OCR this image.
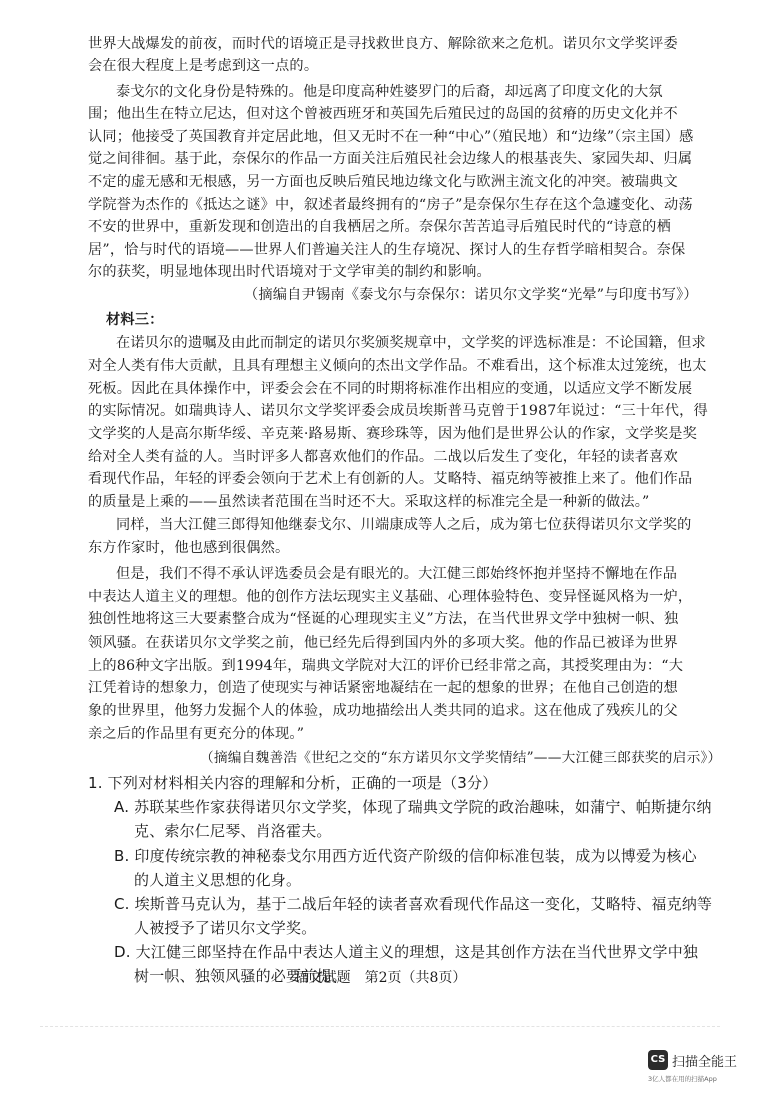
世界大战爆发的前夜，而时代的语境正是寻找救世良方、解除欲来之危机。诺贝尔文学奖评委
会在很大程度上是考虑到这一点的。
泰戈尔的文化身份是特殊的。他是印度高种姓婆罗门的后裔，却远离了印度文化的大氛
围；他出生在特立尼达，但对这个曾被西班牙和英国先后殖民过的岛国的贫瘠的历史文化并不
认同；他接受了英国教育并定居此地，但又无时不在一种“中心”（殖民地）和“边缘”（宗主国）感
觉之间徘徊。基于此，奈保尔的作品一方面关注后殖民社会边缘人的根基丧失、家园失却、归属
不定的虚无感和无根感，另一方面也反映后殖民地边缘文化与欧洲主流文化的冲突。被瑞典文
学院誉为杰作的《抵达之谜》中，叙述者最终拥有的“房子”是奈保尔生存在这个急遽变化、动荡
不安的世界中，重新发现和创造出的自我栖居之所。奈保尔苦苦追寻后殖民时代的“诗意的栖
居”，恰与时代的语境——世界人们普遍关注人的生存境况、探讨人的生存哲学暗相契合。奈保
尔的获奖，明显地体现出时代语境对于文学审美的制约和影响。
（摘编自尹锡南《泰戈尔与奈保尔：诺贝尔文学奖“光晕”与印度书写》）
材料三：
在诺贝尔的遗嘱及由此而制定的诺贝尔奖颁奖规章中，文学奖的评选标准是：不论国籍，但求
对全人类有伟大贡献，且具有理想主义倾向的杰出文学作品。不难看出，这个标准太过笼统，也太
死板。因此在具体操作中，评委会会在不同的时期将标准作出相应的变通，以适应文学不断发展
的实际情况。如瑞典诗人、诺贝尔文学奖评委会成员埃斯普马克曾于1987年说过：“三十年代，得
文学奖的人是高尔斯华绥、辛克莱·路易斯、赛珍珠等，因为他们是世界公认的作家，文学奖是奖
给对全人类有益的人。当时评多人都喜欢他们的作品。二战以后发生了变化，年轻的读者喜欢
看现代作品，年轻的评委会领向于艺术上有创新的人。艾略特、福克纳等被推上来了。他们作品
的质量是上乘的——虽然读者范围在当时还不大。采取这样的标准完全是一种新的做法。”
同样，当大江健三郎得知他继泰戈尔、川端康成等人之后，成为第七位获得诺贝尔文学奖的
东方作家时，他也感到很偶然。
但是，我们不得不承认评选委员会是有眼光的。大江健三郎始终怀抱并坚持不懈地在作品
中表达人道主义的理想。他的创作方法坛现实主义基础、心理体验特色、变异怪诞风格为一炉，
独创性地将这三大要素整合成为“怪诞的心理现实主义”方法，在当代世界文学中独树一帜、独
领风骚。在获诺贝尔文学奖之前，他已经先后得到国内外的多项大奖。他的作品已被译为世界
上的86种文字出版。到1994年，瑞典文学院对大江的评价已经非常之高，其授奖理由为：“大
江凭着诗的想象力，创造了使现实与神话紧密地凝结在一起的想象的世界；在他自己创造的想
象的世界里，他努力发掘个人的体验，成功地描绘出人类共同的追求。这在他成了残疾儿的父
亲之后的作品里有更充分的体现。”
（摘编自魏善浩《世纪之交的“东方诺贝尔文学奖情结”——大江健三郎获奖的启示》）
1. 下列对材料相关内容的理解和分析，正确的一项是（3分）
A. 苏联某些作家获得诺贝尔文学奖，体现了瑞典文学院的政治趣味，如蒲宁、帕斯捷尔纳
克、索尔仁尼琴、肖洛霍夫。
B. 印度传统宗教的神秘泰戈尔用西方近代资产阶级的信仰标准包装，成为以博爱为核心
的人道主义思想的化身。
C. 埃斯普马克认为，基于二战后年轻的读者喜欢看现代作品这一变化，艾略特、福克纳等
人被授予了诺贝尔文学奖。
D. 大江健三郎坚持在作品中表达人道主义的理想，这是其创作方法在当代世界文学中独
树一帜、独领风骚的必要前提。
语文试题　第2页（共8页）
CS 扫描全能王
3亿人都在用的扫描App
